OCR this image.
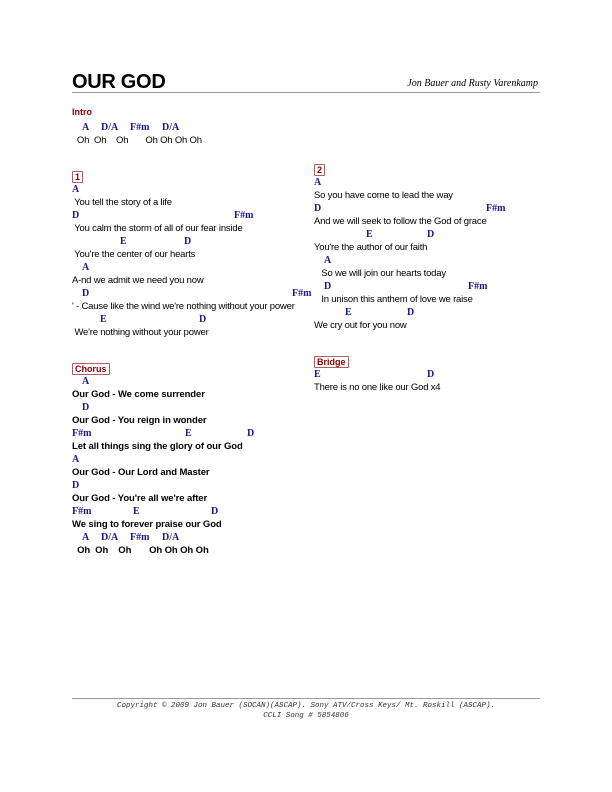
OUR GOD	Jon Bauer and Rusty Varenkamp
Intro
A D/A F#m D/A
Oh  Oh    Oh       Oh Oh Oh Oh
1
A
You tell the story of a life
D	F#m
You calm the storm of all of our fear inside
E	D
You're the center of our hearts
A
A-nd we admit we need you now
D	F#m
' - Cause like the wind we're nothing without your power
E	D
We're nothing without your power
Chorus
A
Our God - We come surrender
D
Our God - You reign in wonder
F#m	E	D
Let all things sing the glory of our God
A
Our God - Our Lord and Master
D
Our God - You're all we're after
F#m	E	D
We sing to forever praise our God
A D/A F#m D/A
Oh  Oh    Oh       Oh Oh Oh Oh
2
A
So you have come to lead the way
D	F#m
And we will seek to follow the God of grace
E	D
You're the author of our faith
A
So we will join our hearts today
D	F#m
In unison this anthem of love we raise
E	D
We cry out for you now
Bridge
E	D
There is no one like our God x4
Copyright © 2009 Jon Bauer (SOCAN)(ASCAP). Sony ATV/Cross Keys/ Mt. Roskill (ASCAP).
CCLI Song # 5854806
